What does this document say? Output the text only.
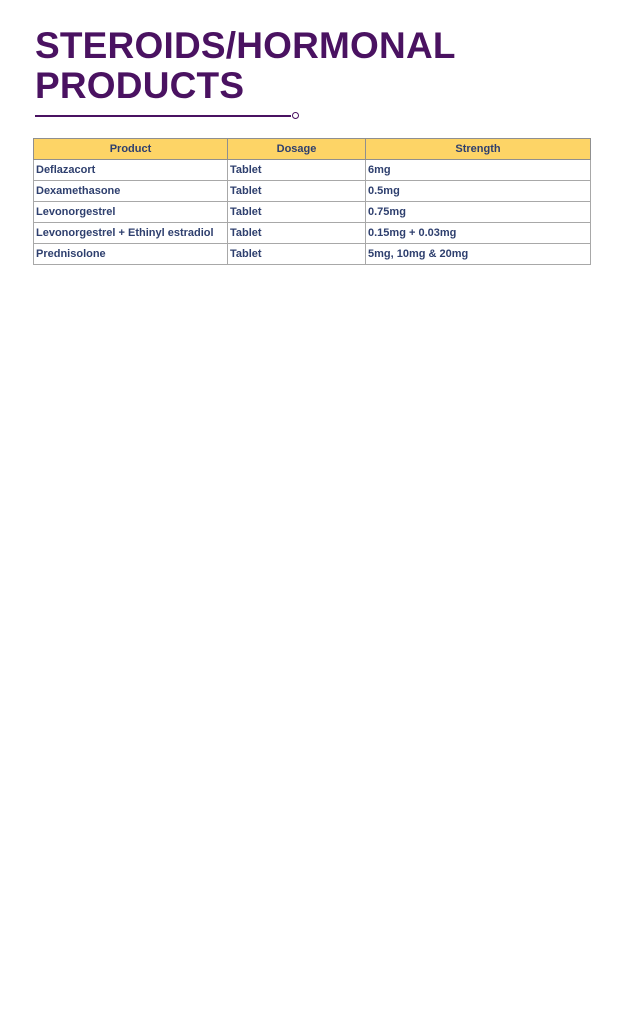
STEROIDS/HORMONAL
PRODUCTS
Product	Dosage	Strength
Deflazacort	Tablet	6mg
Dexamethasone	Tablet	0.5mg
Levonorgestrel	Tablet	0.75mg
Levonorgestrel + Ethinyl estradiol	Tablet	0.15mg + 0.03mg
Prednisolone	Tablet	5mg, 10mg & 20mg
